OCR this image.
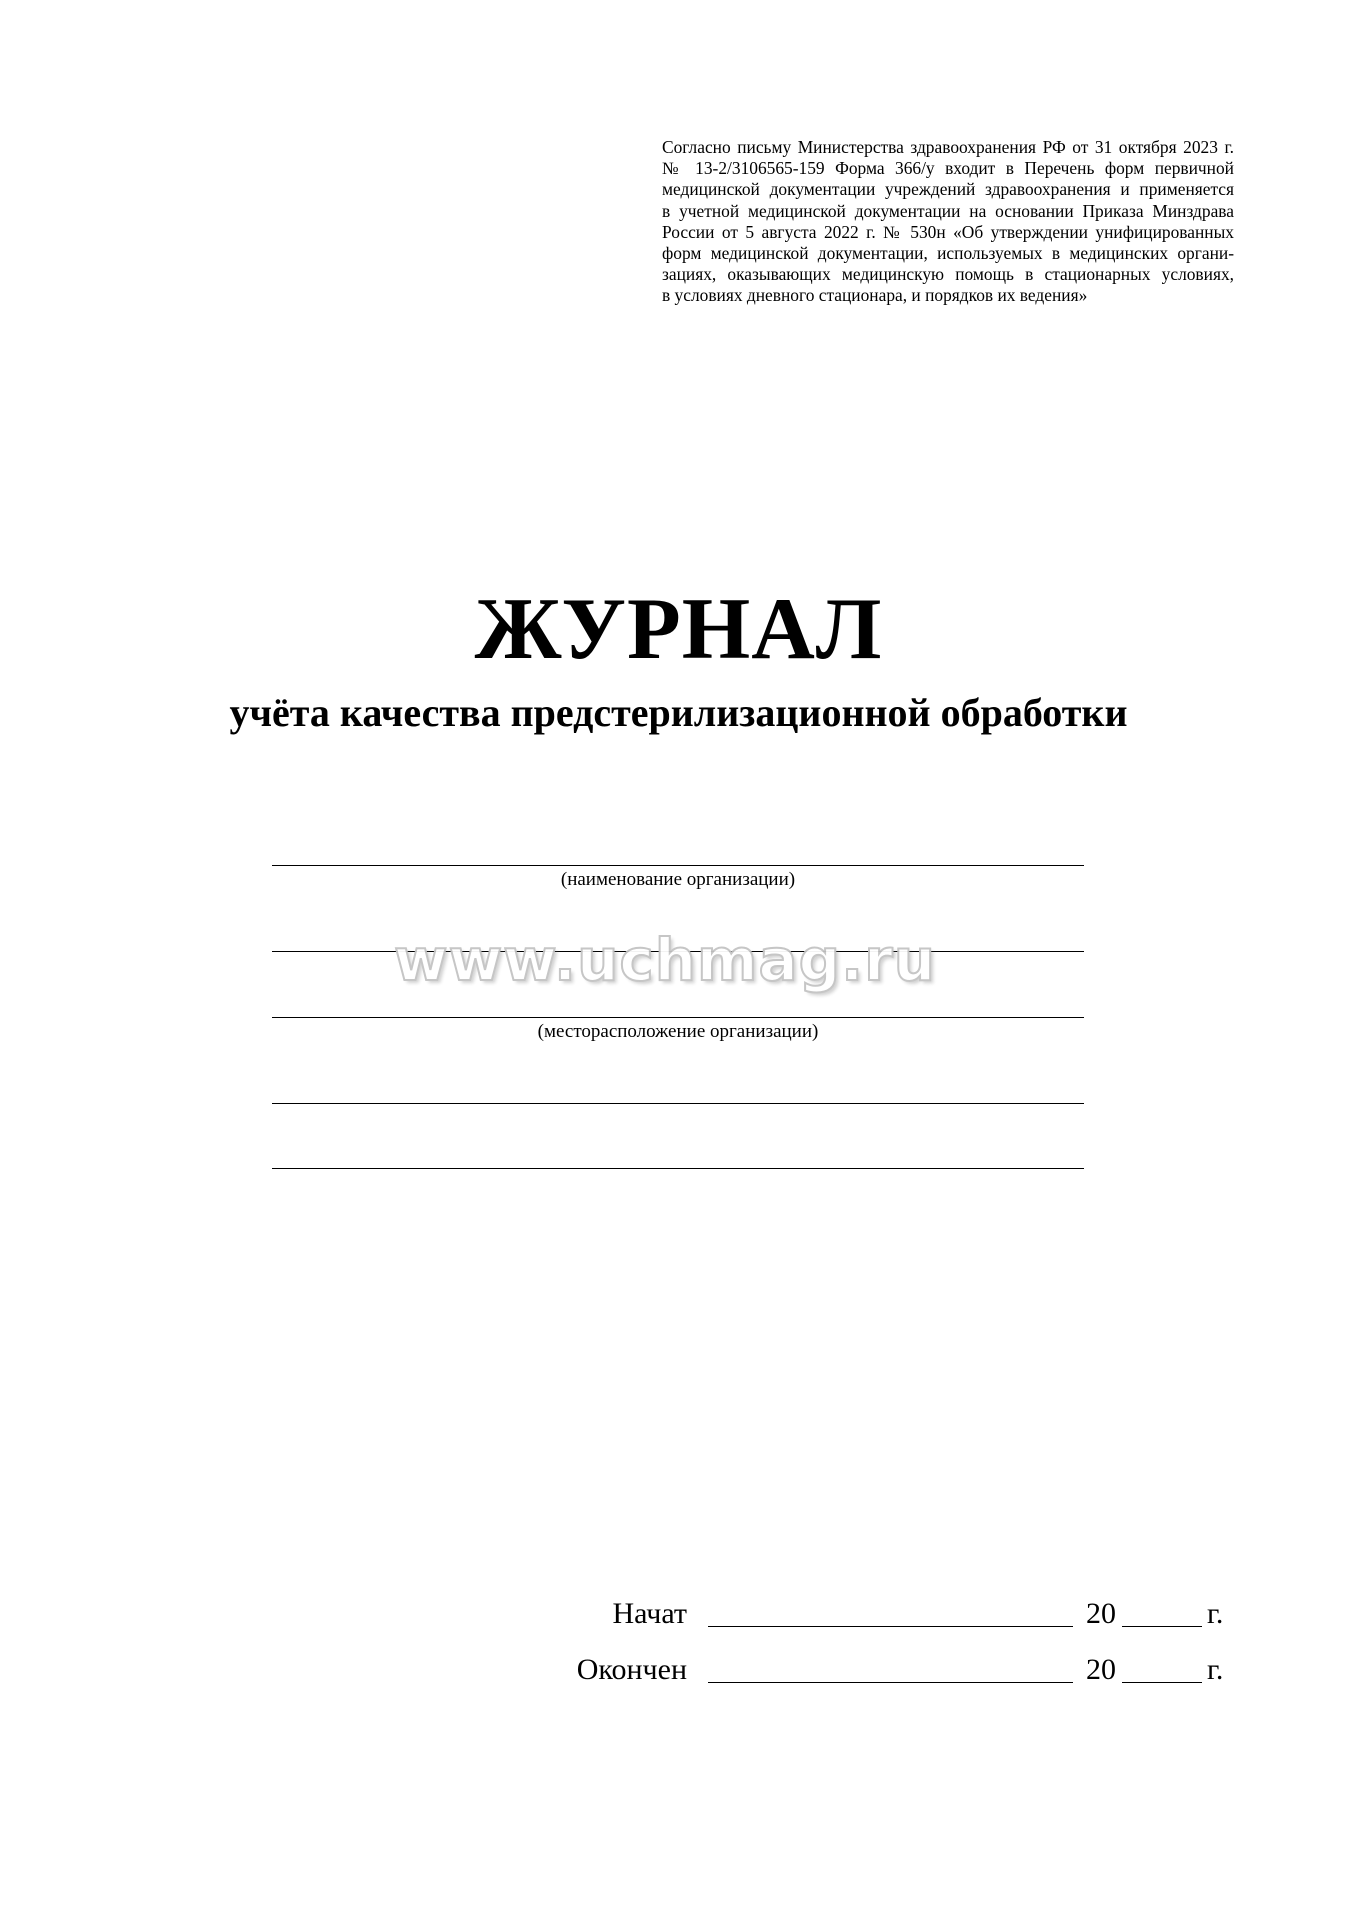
Согласно письму Министерства здравоохранения РФ от 31 октября 2023 г.
№ 13-2/3106565-159 Форма 366/у входит в Перечень форм первичной
медицинской документации учреждений здравоохранения и применяется
в учетной медицинской документации на основании Приказа Минздрава
России от 5 августа 2022 г. № 530н «Об утверждении унифицированных
форм медицинской документации, используемых в медицинских органи-
зациях, оказывающих медицинскую помощь в стационарных условиях,
в условиях дневного стационара, и порядков их ведения»
ЖУРНАЛ
учёта качества предстерилизационной обработки
(наименование организации)
(месторасположение организации)
www.uchmag.ru
Начат	20	г.
Окончен	20	г.
